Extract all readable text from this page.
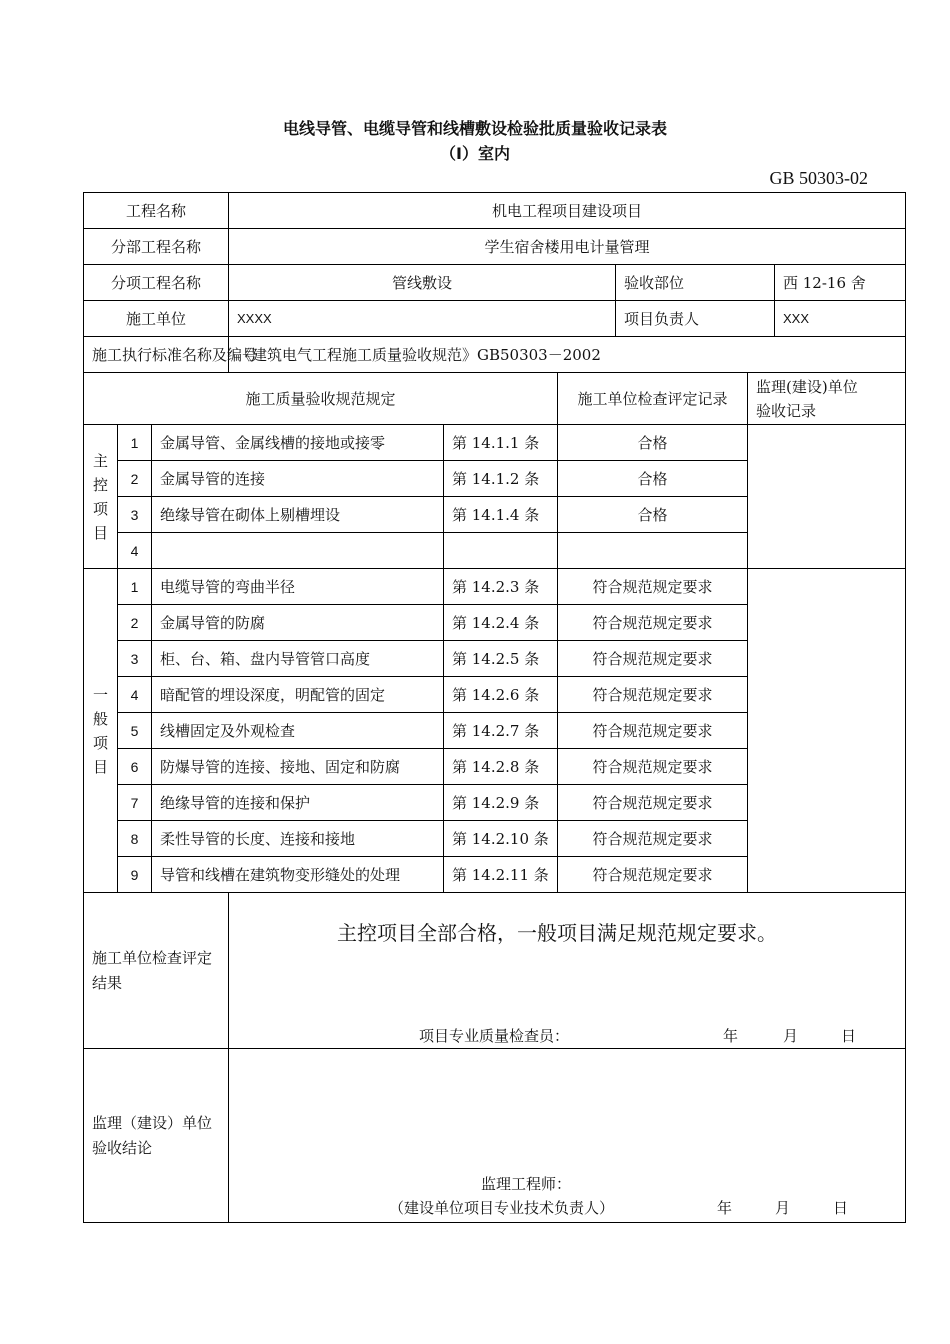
电线导管、电缆导管和线槽敷设检验批质量验收记录表
（Ⅰ）室内
GB 50303-02
工程名称			机电工程项目建设项目					
分部工程名称			学生宿舍楼用电计量管理					
分项工程名称			管线敷设			验收部位		西 12-16 舍
施工单位			XXXX			项目负责人		XXX
施工执行标准名称及编号			《建筑电气工程施工质量验收规范》GB50303－2002					
施工质量验收规范规定					施工单位检查评定记录		监理(建设)单位
验收记录	

主控项目	1	金属导管、金属线槽的接地或接零		第 14.1.1 条	合格			
	2	金属导管的连接		第 14.1.2 条	合格			
	3	绝缘导管在砌体上剔槽埋设		第 14.1.4 条	合格			
	4							

一般项目	1	电缆导管的弯曲半径		第 14.2.3 条	符合规范规定要求			
	2	金属导管的防腐		第 14.2.4 条	符合规范规定要求			
	3	柜、台、箱、盘内导管管口高度		第 14.2.5 条	符合规范规定要求			
	4	暗配管的埋设深度，明配管的固定		第 14.2.6 条	符合规范规定要求			
	5	线槽固定及外观检查		第 14.2.7 条	符合规范规定要求			
	6	防爆导管的连接、接地、固定和防腐		第 14.2.8 条	符合规范规定要求			
	7	绝缘导管的连接和保护		第 14.2.9 条	符合规范规定要求			
	8	柔性导管的长度、连接和接地		第 14.2.10 条	符合规范规定要求			
	9	导管和线槽在建筑物变形缝处的处理		第 14.2.11 条	符合规范规定要求			
施工单位检查评定结果			主控项目全部合格，一般项目满足规范规定要求。
项目专业质量检查员： 年 月 日					

监理（建设）单位验收结论			监理工程师：
（建设单位项目专业技术负责人） 年 月 日					
